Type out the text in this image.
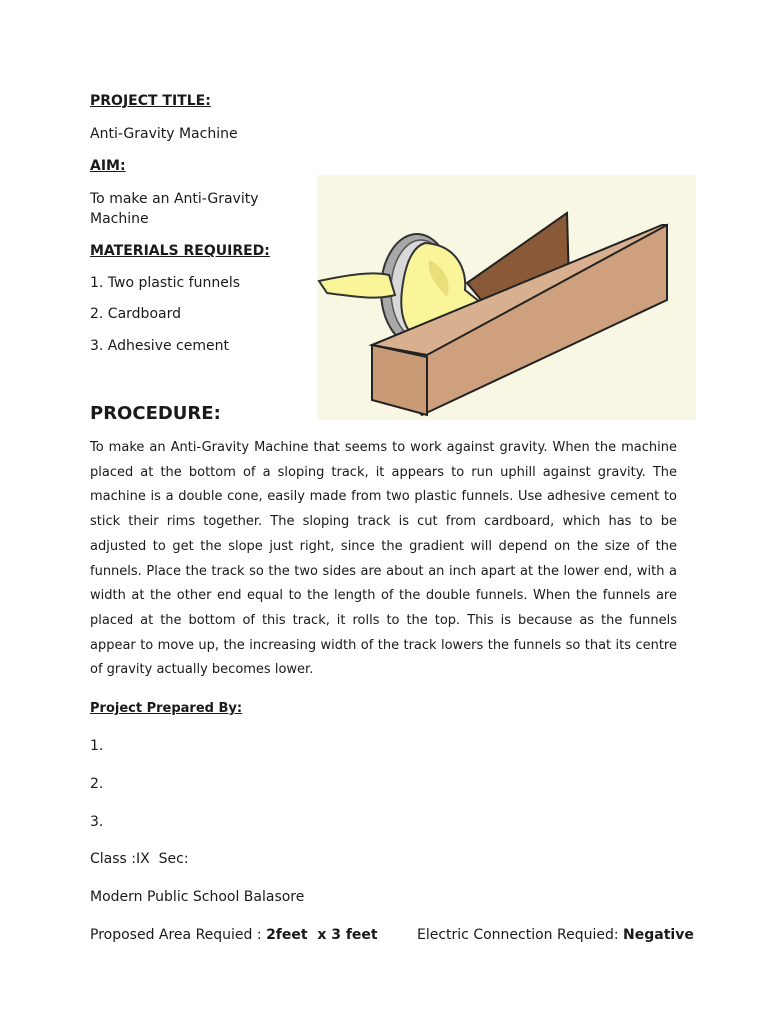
PROJECT TITLE:
Anti-Gravity Machine
AIM:
To make an Anti-Gravity
Machine
MATERIALS REQUIRED:
1. Two plastic funnels
2. Cardboard
3. Adhesive cement
PROCEDURE:
To make an Anti-Gravity Machine that seems to work against gravity. When the machine placed at the bottom of a sloping track, it appears to run uphill against gravity. The machine is a double cone, easily made from two plastic funnels. Use adhesive cement to stick their rims together. The sloping track is cut from cardboard, which has to be adjusted to get the slope just right, since the gradient will depend on the size of the funnels. Place the track so the two sides are about an inch apart at the lower end, with a width at the other end equal to the length of the double funnels. When the funnels are placed at the bottom of this track, it rolls to the top. This is because as the funnels appear to move up, the increasing width of the track lowers the funnels so that its centre of gravity actually becomes lower.
Project Prepared By:
1.
2.
3.
Class :IX  Sec:
Modern Public School Balasore
Proposed Area Requied : 2feet  x 3 feet	Electric Connection Requied: Negative
